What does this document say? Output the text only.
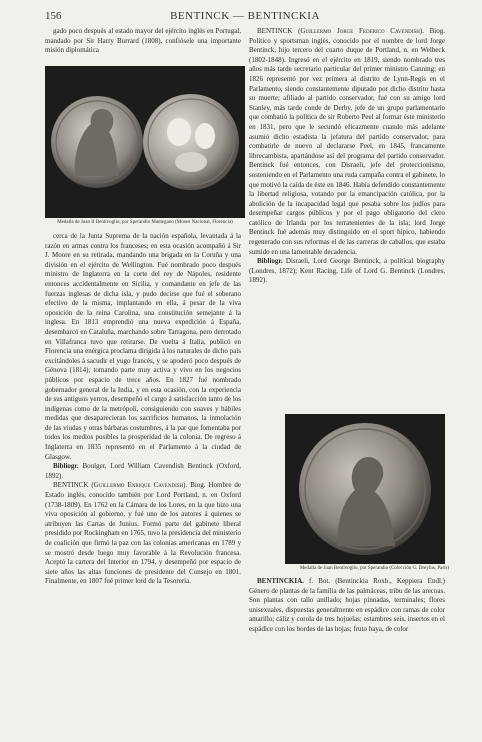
156	BENTINCK — BENTINCKIA

gado poco después al estado mayor del ejército inglés en Portugal, mandado por Sir Harry Burrard (1808), confiósele una importante misión diplomática

Medalla de Juan II Bentivoglio, por Sperandio Mantegano (Museo Nacional, Florencia)

cerca de la Junta Suprema de la nación española, levantada á la razón en armas contra los franceses; en esta ocasión acompañó á Sir J. Moore en su retirada, mandando una brigada en la Coruña y una división en el ejército de Wellington. Fué nombrado poco después ministro de Inglaterra en la corte del rey de Nápoles, residente entonces accidentalmente en Sicilia, y comandante en jefe de las fuerzas inglesas de dicha isla, y pudo decirse que fué el soberano efectivo de la misma, implantando en ella, á pesar de la viva oposición de la reina Carolina, una constitución semejante á la inglesa. En 1813 emprendió una nueva expedición á España, desembarcó en Cataluña, marchando sobre Tarragona, pero derrotado en Villafranca tuvo que retirarse. De vuelta á Italia, publicó en Florencia una enérgica proclama dirigida á los naturales de dicho país excitándoles á sacudir el yugo francés, y se apoderó poco después de Génova (1814); tomando parte muy activa y vivo en los negocios públicos por espacio de trece años. En 1827 fué nombrado gobernador general de la India, y en esta ocasión, con la experiencia de sus antiguos yerros, desempeñó el cargo á satisfacción tanto de los indígenas como de la metrópoli, consiguiendo con suaves y hábiles medidas que desaparecieran los sacrificios humanos, la inmolación de las viudas y otras bárbaras costumbres, á la par que fomentaba por todos los medios posibles la prosperidad de la colonia. De regreso á Inglaterra en 1835 representó en el Parlamento á la ciudad de Glasgow.

Bibliogr. Boulger, Lord William Cavendish Bentinck (Oxford, 1892).

BENTINCK (Guillermo Enrique Cavendish). Biog. Hombre de Estado inglés, conocido también por Lord Portland, n. en Oxford (1738-1809). En 1762 en la Cámara de los Lores, en la que hizo una viva oposición al gobierno, y fué uno de los autores á quienes se atribuyen las Cartas de Junius. Formó parte del gabinete liberal presidido por Rockingham en 1765, tuvo la presidencia del ministerio de coalición que firmó la paz con las colonias americanas en 1789 y se mostró desde luego muy favorable á la Revolución francesa. Aceptó la cartera del Interior en 1794, y desempeñó por espacio de siete años las altas funciones de presidente del Consejo en 1801. Finalmente, en 1807 fué primer lord de la Tesorería.

BENTINCK (Guillermo Jorge Federico Cavendish). Biog. Político y sportsman inglés, conocido por el nombre de lord Jorge Bentinck, hijo tercero del cuarto duque de Portland, n. en Welbeck (1802-1848). Ingresó en el ejército en 1819, siendo nombrado tres años más tarde secretario particular del primer ministro Canning; en 1826 representó por vez primera al distrito de Lynn-Regis en el Parlamento, siendo constantemente diputado por dicho distrito hasta su muerte; afiliado al partido conservador, fué con su amigo lord Stanley, más tarde conde de Derby, jefe de un grupo parlamentario que combatió la política de sir Roberto Peel al formar éste ministerio en 1831, pero que le secundó eficazmente cuando más adelante asumió dicho estadista la jefatura del partido conservador, para combatirle de nuevo al declararse Peel, en 1845, francamente librecambista, apartándose así del programa del partido conservador. Bentinck fué entonces, con Disraeli, jefe del proteccionismo, sosteniendo en el Parlamento una ruda campaña contra el gabinete, lo que motivó la caída de éste en 1846. Había defendido constantemente la libertad religiosa, votando por la emancipación católica, por la abolición de la incapacidad legal que pesaba sobre los judíos para desempeñar cargos públicos y por el pago obligatorio del clero católico de Irlanda por los terratenientes de la isla; lord Jorge Bentinck fué además muy distinguido en el sport hípico, habiendo regenerado con sus reformas el de las carreras de caballos, que estaba sumido en una lamentable decadencia.

Bibliogr. Disraeli, Lord George Bentinck, a political biography (Londres, 1872); Kent Racing, Life of Lord G. Bentinck (Londres, 1892).

Medalla de Juan Bentivoglio, por Sperandio (Colección G. Dreyfus, París)

BENTINCKIA. f. Bot. (Bentinckia Roxb., Keppiera Endl.) Género de plantas de la familia de las palmáceas, tribu de las arecoas. Son plantas con tallo anillado; hojas pinnadas, terminales; flores unisexuales, dispuestas generalmente en espádice con ramas de color amarillo; cáliz y corola de tres hojuelas; estambres seis, insertos en el espádice con los bordes de las hojas; fruto baya, de color
